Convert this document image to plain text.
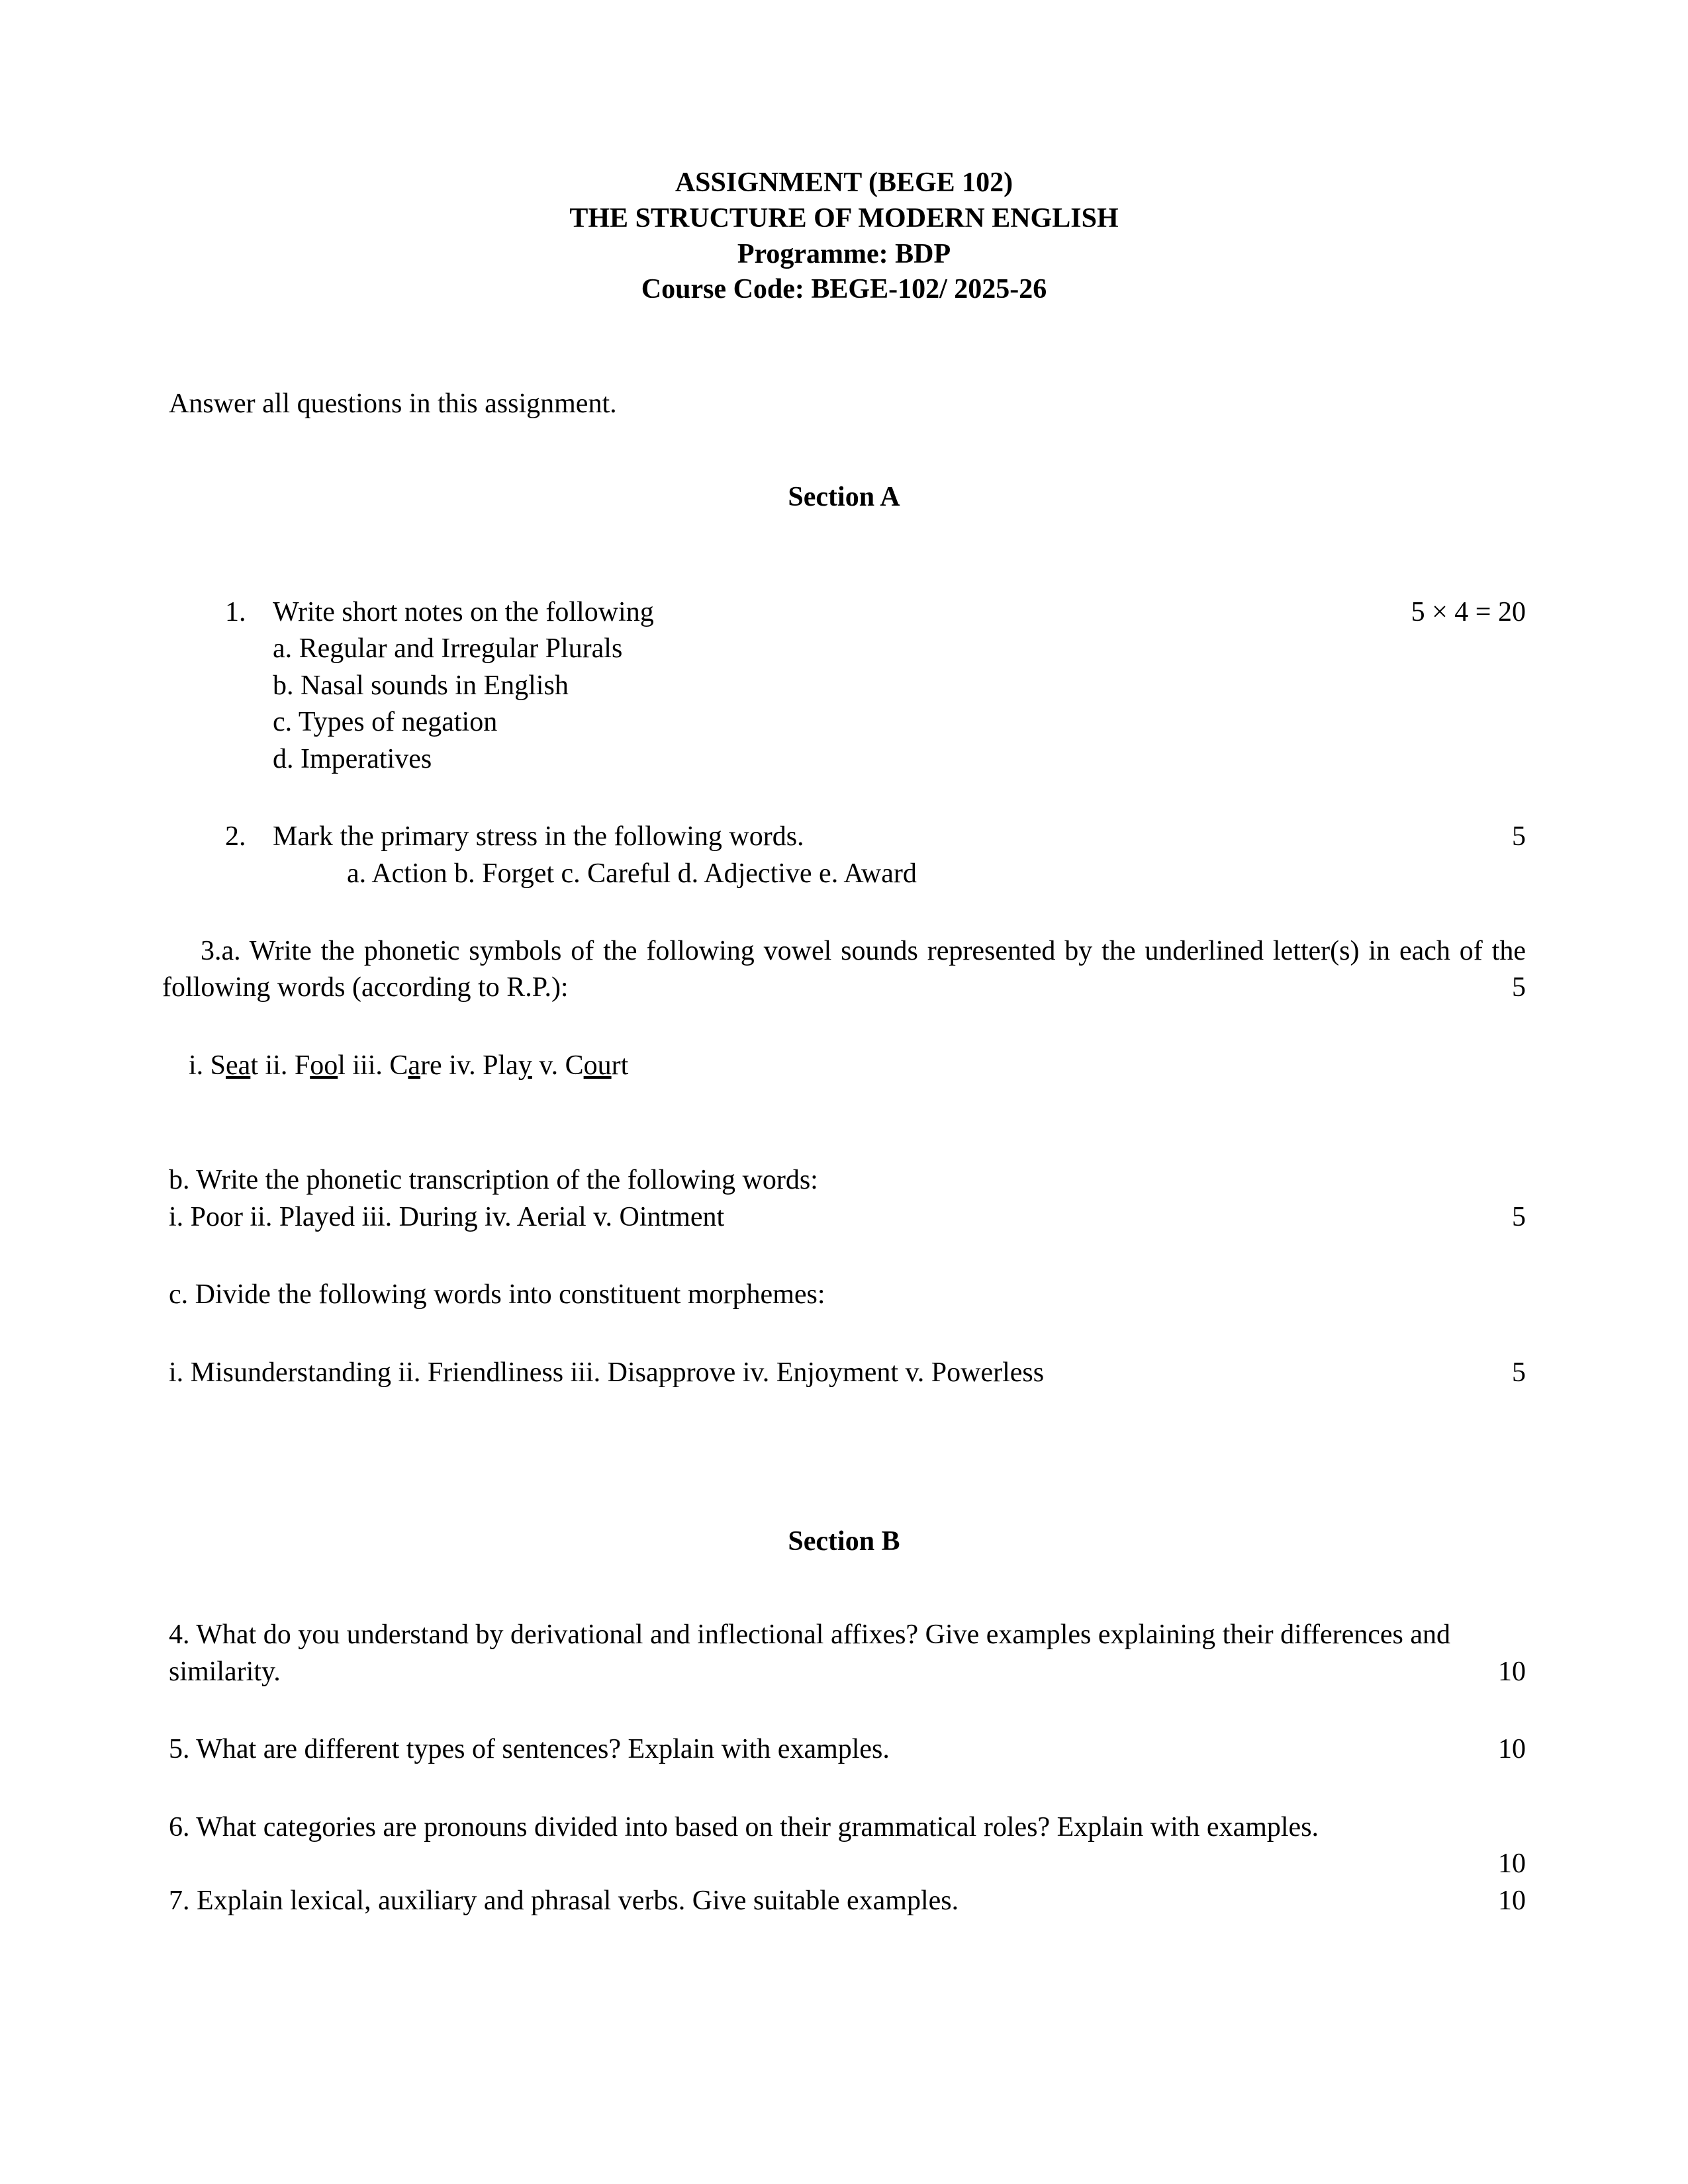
ASSIGNMENT (BEGE 102)
THE STRUCTURE OF MODERN ENGLISH
Programme: BDP
Course Code: BEGE-102/ 2025-26
Answer all questions in this assignment.
Section A
1. Write short notes on the following	5 × 4 = 20
a. Regular and Irregular Plurals
b. Nasal sounds in English
c. Types of negation
d. Imperatives
2. Mark the primary stress in the following words.	5
a. Action b. Forget c. Careful d. Adjective e. Award
3.a. Write the phonetic symbols of the following vowel sounds represented by the underlined letter(s) in each of the following words (according to R.P.):	5
i. Seat ii. Fool iii. Care iv. Play v. Court
b. Write the phonetic transcription of the following words:
i. Poor ii. Played iii. During iv. Aerial v. Ointment	5
c. Divide the following words into constituent morphemes:
i. Misunderstanding ii. Friendliness iii. Disapprove iv. Enjoyment v. Powerless	5
Section B
4. What do you understand by derivational and inflectional affixes? Give examples explaining their differences and similarity.	10
5. What are different types of sentences? Explain with examples.	10
6. What categories are pronouns divided into based on their grammatical roles? Explain with examples.
10
7. Explain lexical, auxiliary and phrasal verbs. Give suitable examples.	10
